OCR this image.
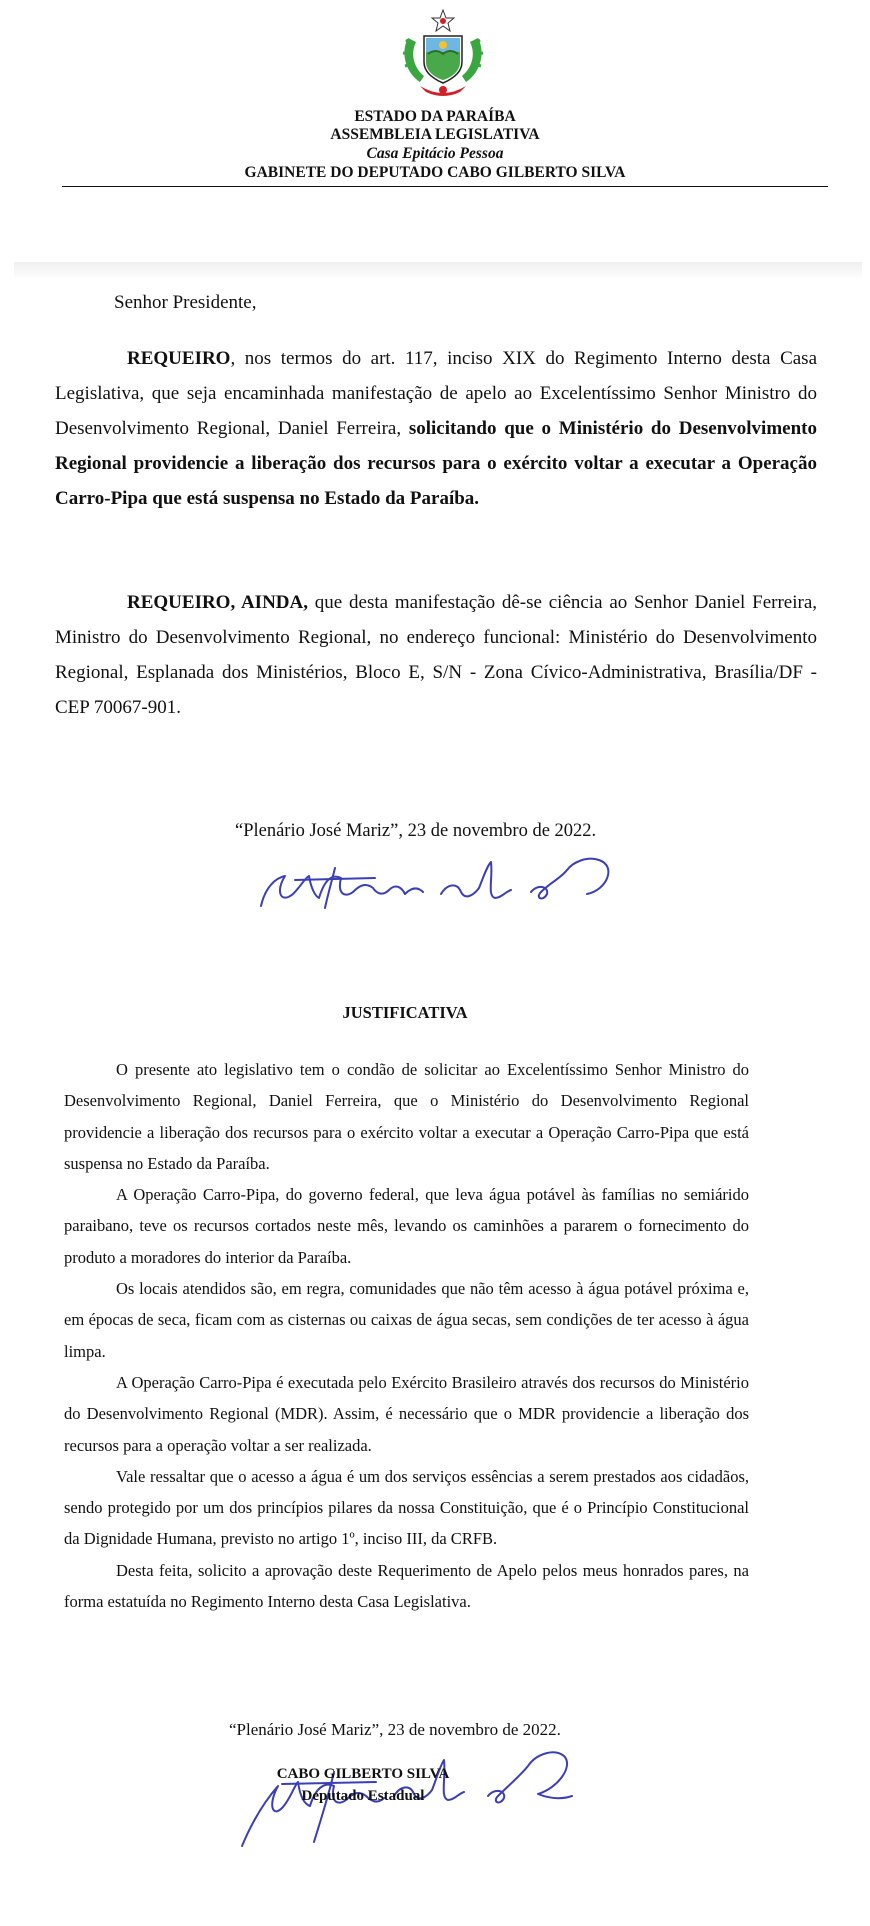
ESTADO DA PARAÍBA
ASSEMBLEIA LEGISLATIVA
Casa Epitácio Pessoa
GABINETE DO DEPUTADO CABO GILBERTO SILVA
Senhor Presidente,

REQUEIRO, nos termos do art. 117, inciso XIX do Regimento Interno desta Casa Legislativa, que seja encaminhada manifestação de apelo ao Excelentíssimo Senhor Ministro do Desenvolvimento Regional, Daniel Ferreira, solicitando que o Ministério do Desenvolvimento Regional providencie a liberação dos recursos para o exército voltar a executar a Operação Carro-Pipa que está suspensa no Estado da Paraíba.

REQUEIRO, AINDA, que desta manifestação dê-se ciência ao Senhor Daniel Ferreira, Ministro do Desenvolvimento Regional, no endereço funcional: Ministério do Desenvolvimento Regional, Esplanada dos Ministérios, Bloco E, S/N - Zona Cívico-Administrativa, Brasília/DF - CEP 70067-901.

“Plenário José Mariz”, 23 de novembro de 2022.
JUSTIFICATIVA

O presente ato legislativo tem o condão de solicitar ao Excelentíssimo Senhor Ministro do Desenvolvimento Regional, Daniel Ferreira, que o Ministério do Desenvolvimento Regional providencie a liberação dos recursos para o exército voltar a executar a Operação Carro-Pipa que está suspensa no Estado da Paraíba.

A Operação Carro-Pipa, do governo federal, que leva água potável às famílias no semiárido paraibano, teve os recursos cortados neste mês, levando os caminhões a pararem o fornecimento do produto a moradores do interior da Paraíba.

Os locais atendidos são, em regra, comunidades que não têm acesso à água potável próxima e, em épocas de seca, ficam com as cisternas ou caixas de água secas, sem condições de ter acesso à água limpa.

A Operação Carro-Pipa é executada pelo Exército Brasileiro através dos recursos do Ministério do Desenvolvimento Regional (MDR). Assim, é necessário que o MDR providencie a liberação dos recursos para a operação voltar a ser realizada.

Vale ressaltar que o acesso a água é um dos serviços essências a serem prestados aos cidadãos, sendo protegido por um dos princípios pilares da nossa Constituição, que é o Princípio Constitucional da Dignidade Humana, previsto no artigo 1º, inciso III, da CRFB.

Desta feita, solicito a aprovação deste Requerimento de Apelo pelos meus honrados pares, na forma estatuída no Regimento Interno desta Casa Legislativa.

“Plenário José Mariz”, 23 de novembro de 2022.
CABO GILBERTO SILVA
Deputado Estadual
